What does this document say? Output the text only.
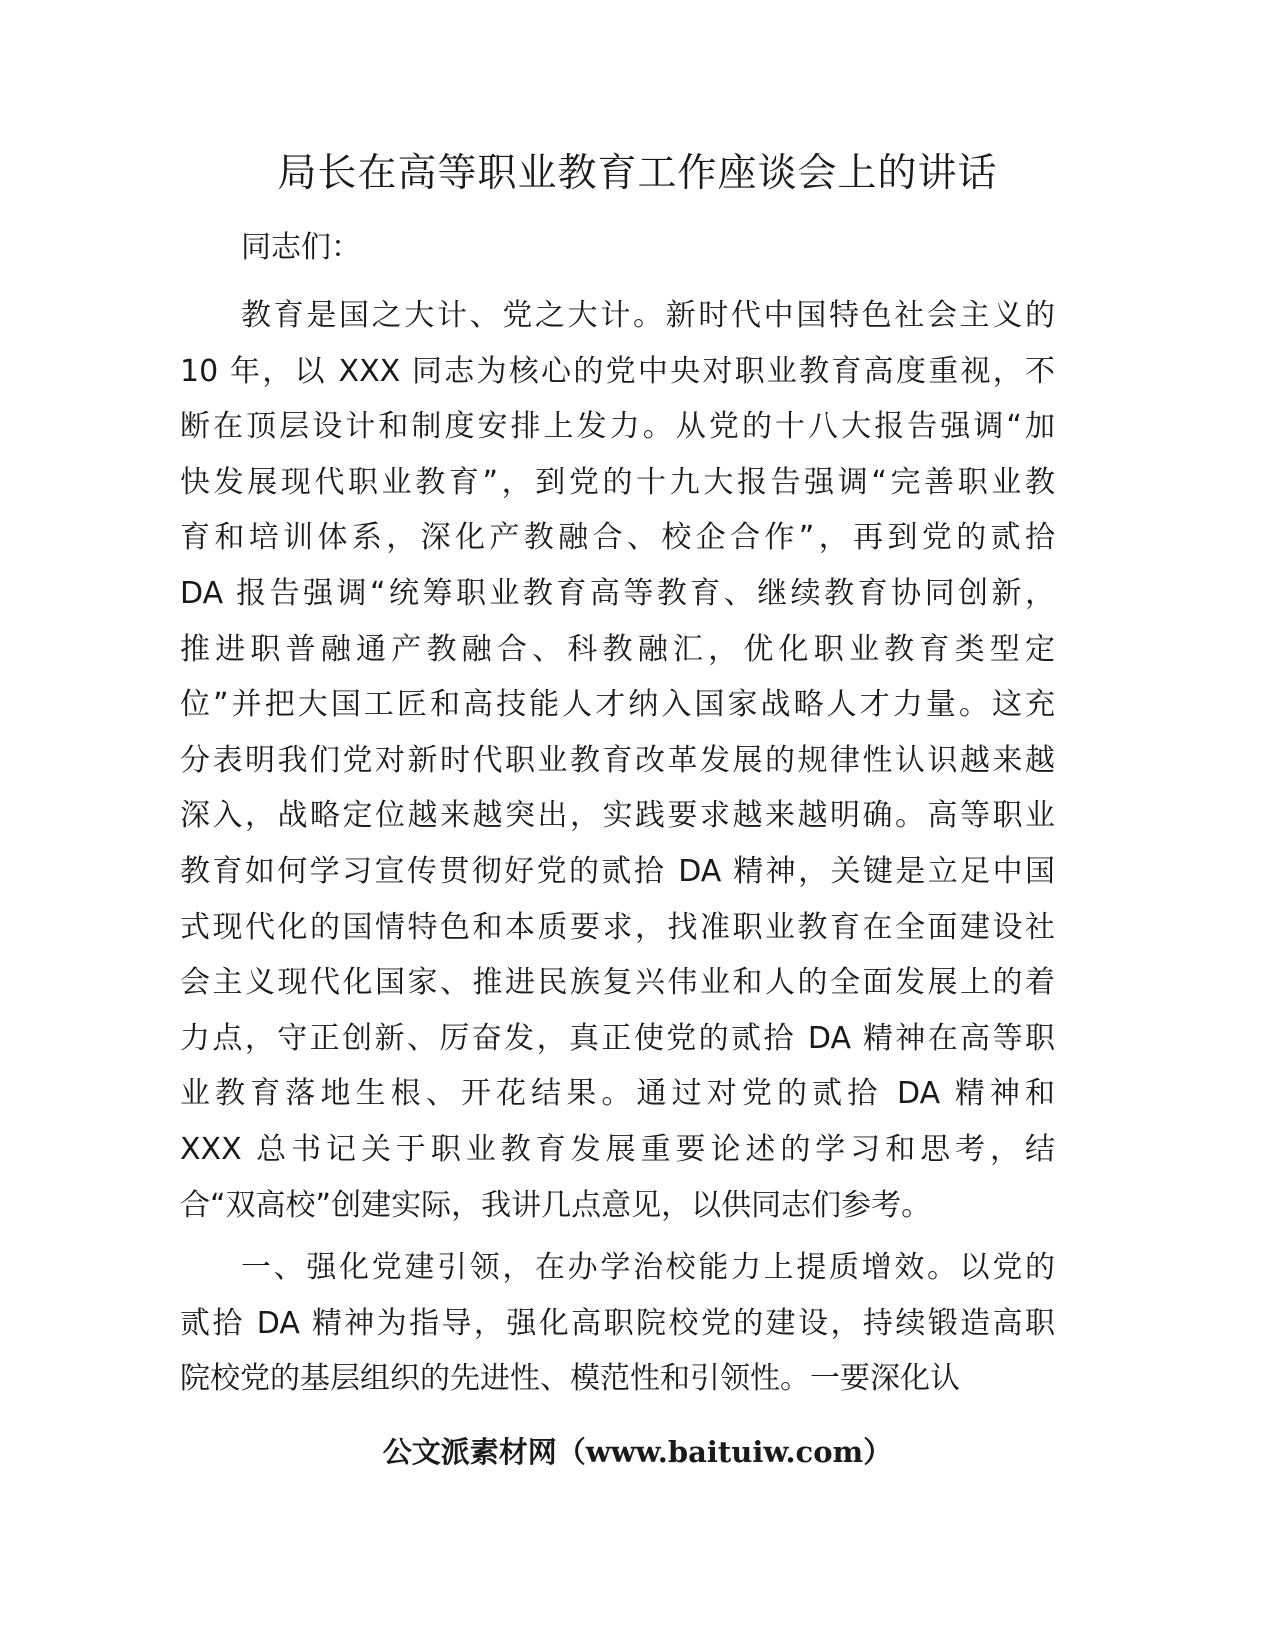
局长在高等职业教育工作座谈会上的讲话
同志们：
教育是国之大计、党之大计。新时代中国特色社会主义的
10 年，以 XXX 同志为核心的党中央对职业教育高度重视，不
断在顶层设计和制度安排上发力。从党的十八大报告强调“加
快发展现代职业教育”，到党的十九大报告强调“完善职业教
育和培训体系，深化产教融合、校企合作”，再到党的贰拾
DA 报告强调“统筹职业教育高等教育、继续教育协同创新，
推进职普融通产教融合、科教融汇，优化职业教育类型定
位”并把大国工匠和高技能人才纳入国家战略人才力量。这充
分表明我们党对新时代职业教育改革发展的规律性认识越来越
深入，战略定位越来越突出，实践要求越来越明确。高等职业
教育如何学习宣传贯彻好党的贰拾 DA 精神，关键是立足中国
式现代化的国情特色和本质要求，找准职业教育在全面建设社
会主义现代化国家、推进民族复兴伟业和人的全面发展上的着
力点，守正创新、厉奋发，真正使党的贰拾 DA 精神在高等职
业教育落地生根、开花结果。通过对党的贰拾 DA 精神和
XXX 总书记关于职业教育发展重要论述的学习和思考，结
合“双高校”创建实际，我讲几点意见，以供同志们参考。
一、强化党建引领，在办学治校能力上提质增效。以党的
贰拾 DA 精神为指导，强化高职院校党的建设，持续锻造高职
院校党的基层组织的先进性、模范性和引领性。一要深化认
公文派素材网（www.baituiw.com）
